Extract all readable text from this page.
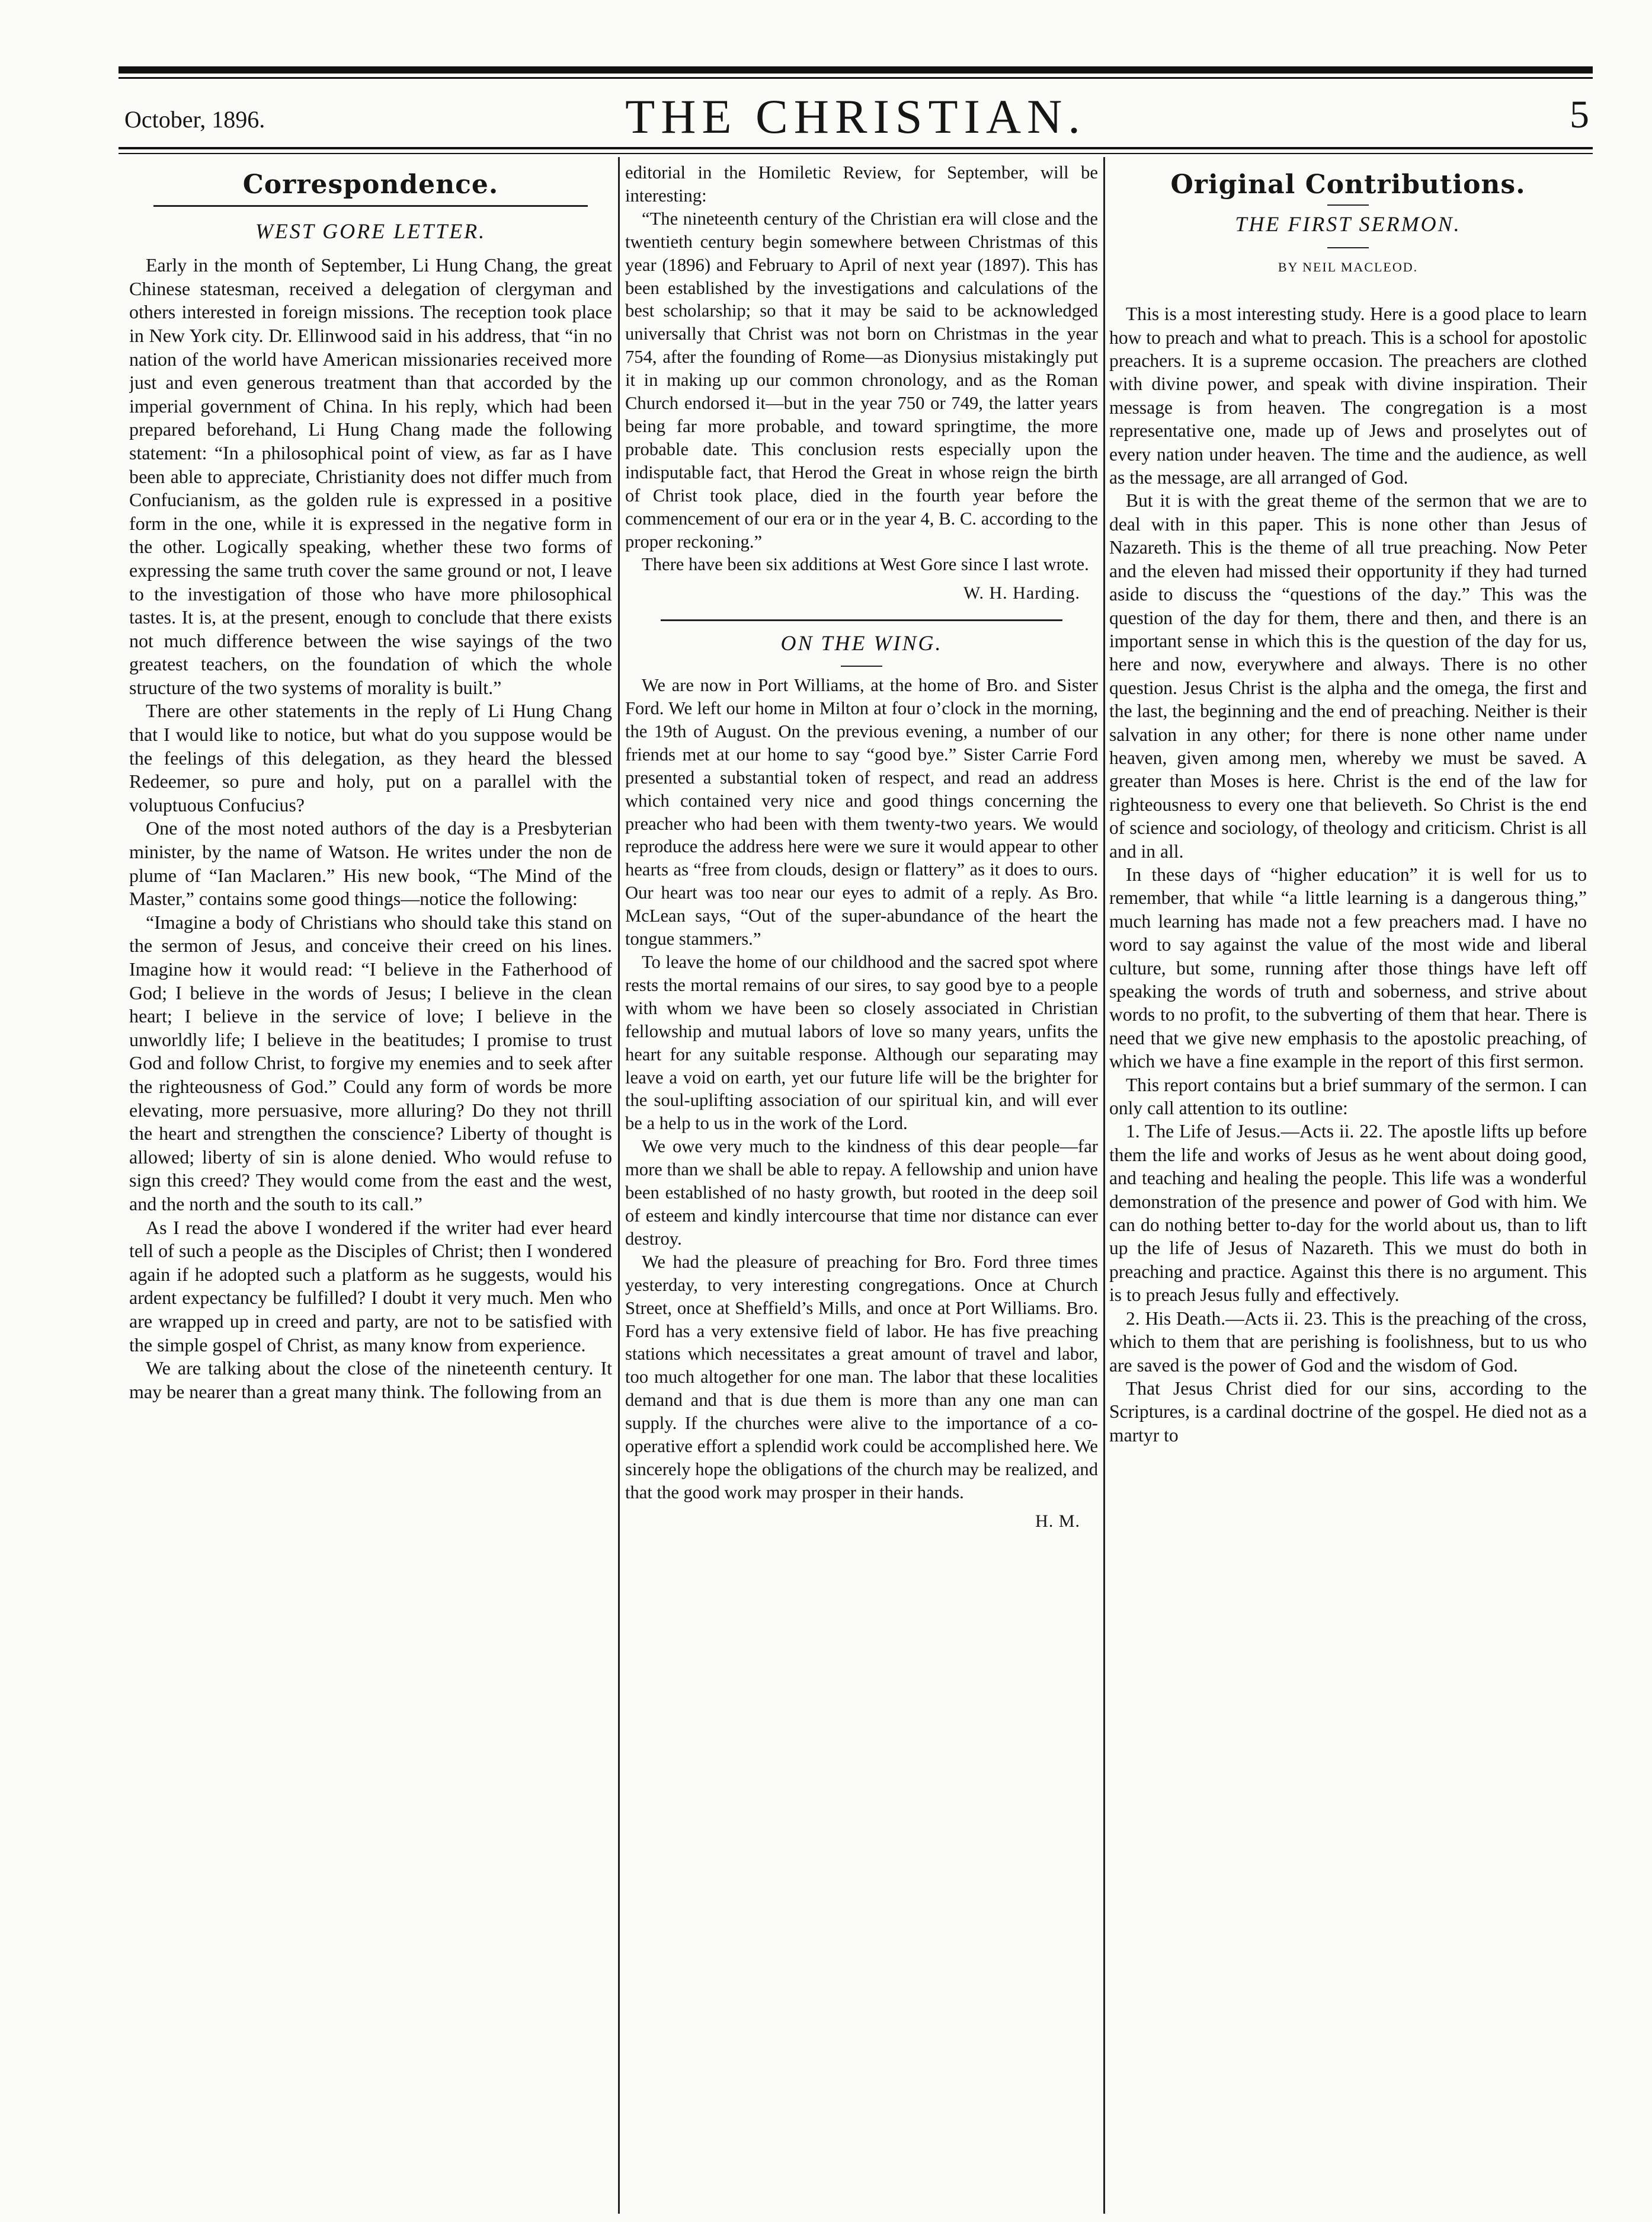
October, 1896.	THE CHRISTIAN.	5
Correspondence.
WEST GORE LETTER.

Early in the month of September, Li Hung Chang, the great Chinese statesman, received a delegation of clergyman and others interested in foreign missions. The reception took place in New York city. Dr. Ellinwood said in his address, that “in no nation of the world have American missionaries received more just and even generous treatment than that accorded by the imperial government of China. In his reply, which had been prepared beforehand, Li Hung Chang made the following statement: “In a philosophical point of view, as far as I have been able to appreciate, Christianity does not differ much from Confucianism, as the golden rule is expressed in a positive form in the one, while it is expressed in the negative form in the other. Logically speaking, whether these two forms of expressing the same truth cover the same ground or not, I leave to the investigation of those who have more philosophical tastes. It is, at the present, enough to conclude that there exists not much difference between the wise sayings of the two greatest teachers, on the foundation of which the whole structure of the two systems of morality is built.”

There are other statements in the reply of Li Hung Chang that I would like to notice, but what do you suppose would be the feelings of this delegation, as they heard the blessed Redeemer, so pure and holy, put on a parallel with the voluptuous Confucius?

One of the most noted authors of the day is a Presbyterian minister, by the name of Watson. He writes under the non de plume of “Ian Maclaren.” His new book, “The Mind of the Master,” contains some good things—notice the following:

“Imagine a body of Christians who should take this stand on the sermon of Jesus, and conceive their creed on his lines. Imagine how it would read: “I believe in the Fatherhood of God; I believe in the words of Jesus; I believe in the clean heart; I believe in the service of love; I believe in the unworldly life; I believe in the beatitudes; I promise to trust God and follow Christ, to forgive my enemies and to seek after the righteousness of God.” Could any form of words be more elevating, more persuasive, more alluring? Do they not thrill the heart and strengthen the conscience? Liberty of thought is allowed; liberty of sin is alone denied. Who would refuse to sign this creed? They would come from the east and the west, and the north and the south to its call.”

As I read the above I wondered if the writer had ever heard tell of such a people as the Disciples of Christ; then I wondered again if he adopted such a platform as he suggests, would his ardent expectancy be fulfilled? I doubt it very much. Men who are wrapped up in creed and party, are not to be satisfied with the simple gospel of Christ, as many know from experience.

We are talking about the close of the nineteenth century. It may be nearer than a great many think. The following from an

editorial in the Homiletic Review, for September, will be interesting:

“The nineteenth century of the Christian era will close and the twentieth century begin somewhere between Christmas of this year (1896) and February to April of next year (1897). This has been established by the investigations and calculations of the best scholarship; so that it may be said to be acknowledged universally that Christ was not born on Christmas in the year 754, after the founding of Rome—as Dionysius mistakingly put it in making up our common chronology, and as the Roman Church endorsed it—but in the year 750 or 749, the latter years being far more probable, and toward springtime, the more probable date. This conclusion rests especially upon the indisputable fact, that Herod the Great in whose reign the birth of Christ took place, died in the fourth year before the commencement of our era or in the year 4, B. C. according to the proper reckoning.”

There have been six additions at West Gore since I last wrote.

W. H. Harding.
ON THE WING.

We are now in Port Williams, at the home of Bro. and Sister Ford. We left our home in Milton at four o’clock in the morning, the 19th of August. On the previous evening, a number of our friends met at our home to say “good bye.” Sister Carrie Ford presented a substantial token of respect, and read an address which contained very nice and good things concerning the preacher who had been with them twenty-two years. We would reproduce the address here were we sure it would appear to other hearts as “free from clouds, design or flattery” as it does to ours. Our heart was too near our eyes to admit of a reply. As Bro. McLean says, “Out of the super-abundance of the heart the tongue stammers.”

To leave the home of our childhood and the sacred spot where rests the mortal remains of our sires, to say good bye to a people with whom we have been so closely associated in Christian fellowship and mutual labors of love so many years, unfits the heart for any suitable response. Although our separating may leave a void on earth, yet our future life will be the brighter for the soul-uplifting association of our spiritual kin, and will ever be a help to us in the work of the Lord.

We owe very much to the kindness of this dear people—far more than we shall be able to repay. A fellowship and union have been established of no hasty growth, but rooted in the deep soil of esteem and kindly intercourse that time nor distance can ever destroy.

We had the pleasure of preaching for Bro. Ford three times yesterday, to very interesting congregations. Once at Church Street, once at Sheffield’s Mills, and once at Port Williams. Bro. Ford has a very extensive field of labor. He has five preaching stations which necessitates a great amount of travel and labor, too much altogether for one man. The labor that these localities demand and that is due them is more than any one man can supply. If the churches were alive to the importance of a co-operative effort a splendid work could be accomplished here. We sincerely hope the obligations of the church may be realized, and that the good work may prosper in their hands.

H. M.
Original Contributions.
THE FIRST SERMON.
BY NEIL MACLEOD.

This is a most interesting study. Here is a good place to learn how to preach and what to preach. This is a school for apostolic preachers. It is a supreme occasion. The preachers are clothed with divine power, and speak with divine inspiration. Their message is from heaven. The congregation is a most representative one, made up of Jews and proselytes out of every nation under heaven. The time and the audience, as well as the message, are all arranged of God.

But it is with the great theme of the sermon that we are to deal with in this paper. This is none other than Jesus of Nazareth. This is the theme of all true preaching. Now Peter and the eleven had missed their opportunity if they had turned aside to discuss the “questions of the day.” This was the question of the day for them, there and then, and there is an important sense in which this is the question of the day for us, here and now, everywhere and always. There is no other question. Jesus Christ is the alpha and the omega, the first and the last, the beginning and the end of preaching. Neither is their salvation in any other; for there is none other name under heaven, given among men, whereby we must be saved. A greater than Moses is here. Christ is the end of the law for righteousness to every one that believeth. So Christ is the end of science and sociology, of theology and criticism. Christ is all and in all.

In these days of “higher education” it is well for us to remember, that while “a little learning is a dangerous thing,” much learning has made not a few preachers mad. I have no word to say against the value of the most wide and liberal culture, but some, running after those things have left off speaking the words of truth and soberness, and strive about words to no profit, to the subverting of them that hear. There is need that we give new emphasis to the apostolic preaching, of which we have a fine example in the report of this first sermon.

This report contains but a brief summary of the sermon. I can only call attention to its outline:

1. The Life of Jesus.—Acts ii. 22. The apostle lifts up before them the life and works of Jesus as he went about doing good, and teaching and healing the people. This life was a wonderful demonstration of the presence and power of God with him. We can do nothing better to-day for the world about us, than to lift up the life of Jesus of Nazareth. This we must do both in preaching and practice. Against this there is no argument. This is to preach Jesus fully and effectively.

2. His Death.—Acts ii. 23. This is the preaching of the cross, which to them that are perishing is foolishness, but to us who are saved is the power of God and the wisdom of God.

That Jesus Christ died for our sins, according to the Scriptures, is a cardinal doctrine of the gospel. He died not as a martyr to
